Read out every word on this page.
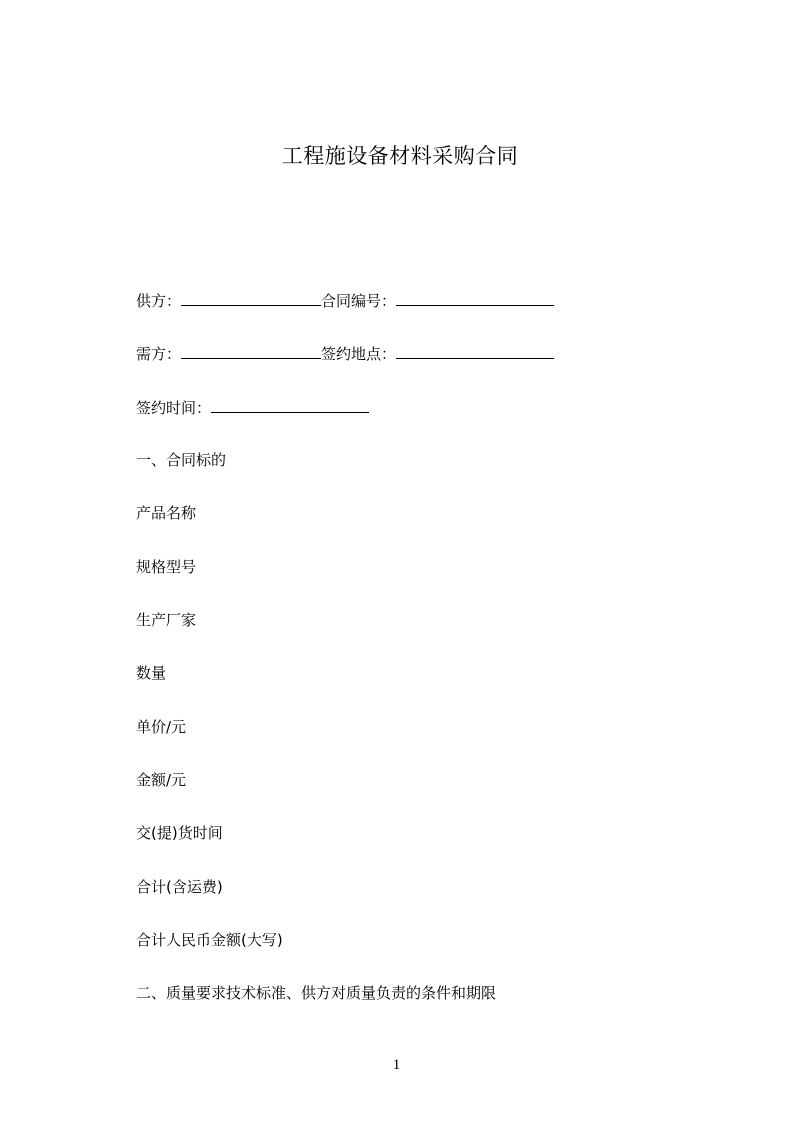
工程施设备材料采购合同
供方：	合同编号：
需方：	签约地点：
签约时间：
一、合同标的
产品名称
规格型号
生产厂家
数量
单价/元
金额/元
交(提)货时间
合计(含运费)
合计人民币金额(大写)
二、质量要求技术标准、供方对质量负责的条件和期限
1
